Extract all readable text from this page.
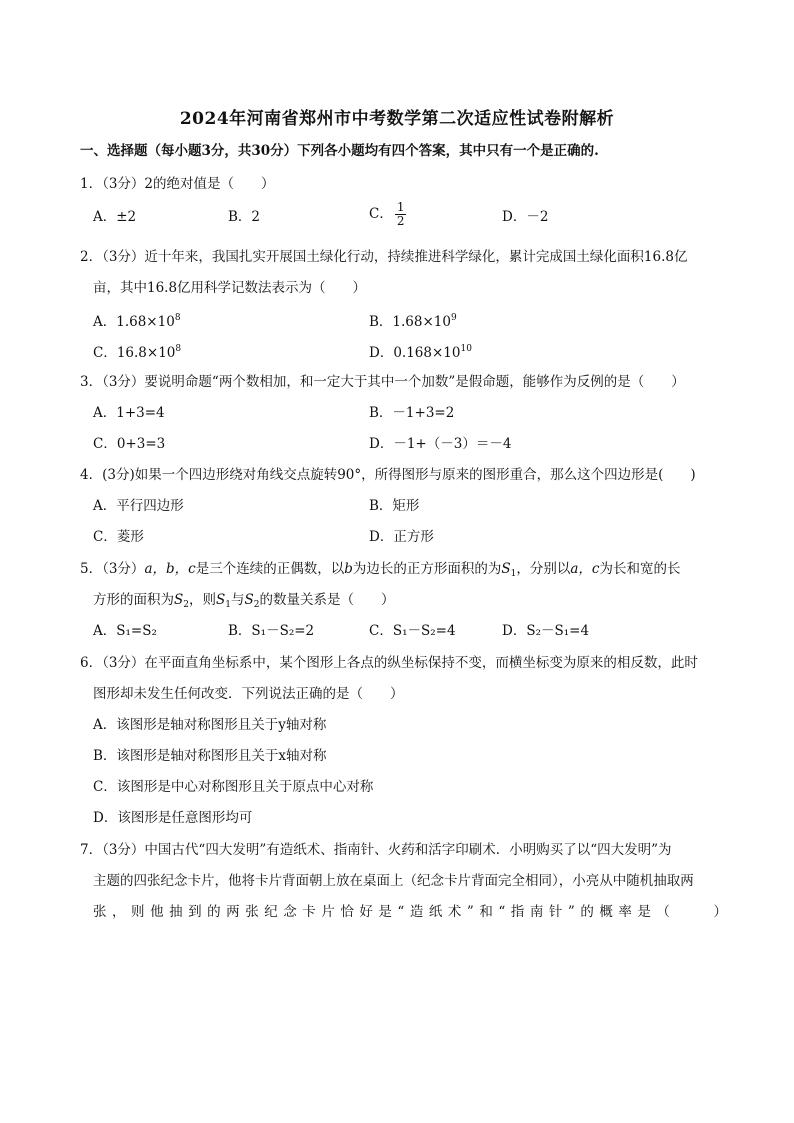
2024年河南省郑州市中考数学第二次适应性试卷附解析
一、选择题（每小题3分，共30分）下列各小题均有四个答案，其中只有一个是正确的.
1．（3分）2的绝对值是（　　）
A．±2	B．2	C． $\frac{1}{2}$	D．－2
2．（3分）近十年来，我国扎实开展国土绿化行动，持续推进科学绿化，累计完成国土绿化面积16.8亿
亩，其中16.8亿用科学记数法表示为（　　）
A．$1.68\times 10^8$	B．$1.68\times 10^9$
C．$16.8\times 10^8$	D．$0.168\times 10^{10}$
3．（3分）要说明命题“两个数相加，和一定大于其中一个加数”是假命题，能够作为反例的是（　　）
A．1+3=4	B．－1+3=2
C．0+3=3	D．－1+（－3）＝－4
4．(3分)如果一个四边形绕对角线交点旋转90°，所得图形与原来的图形重合，那么这个四边形是(　　)
A．平行四边形	B．矩形
C．菱形	D．正方形
5．（3分）a，b，c是三个连续的正偶数，以b为边长的正方形面积的为$S_1$，分别以a，c为长和宽的长
方形的面积为$S_2$，则$S_1$与$S_2$的数量关系是（　　）
A．S₁=S₂	B．S₁－S₂=2	C．S₁－S₂=4	D．S₂－S₁=4
6．（3分）在平面直角坐标系中，某个图形上各点的纵坐标保持不变，而横坐标变为原来的相反数，此时
图形却未发生任何改变．下列说法正确的是（　　）
A．该图形是轴对称图形且关于y轴对称
B．该图形是轴对称图形且关于x轴对称
C．该图形是中心对称图形且关于原点中心对称
D．该图形是任意图形均可
7．（3分）中国古代“四大发明”有造纸术、指南针、火药和活字印刷术．小明购买了以“四大发明”为
主题的四张纪念卡片，他将卡片背面朝上放在桌面上（纪念卡片背面完全相同），小亮从中随机抽取两
张，则他抽到的两张纪念卡片恰好是“造纸术”和“指南针”的概率是（　　）
